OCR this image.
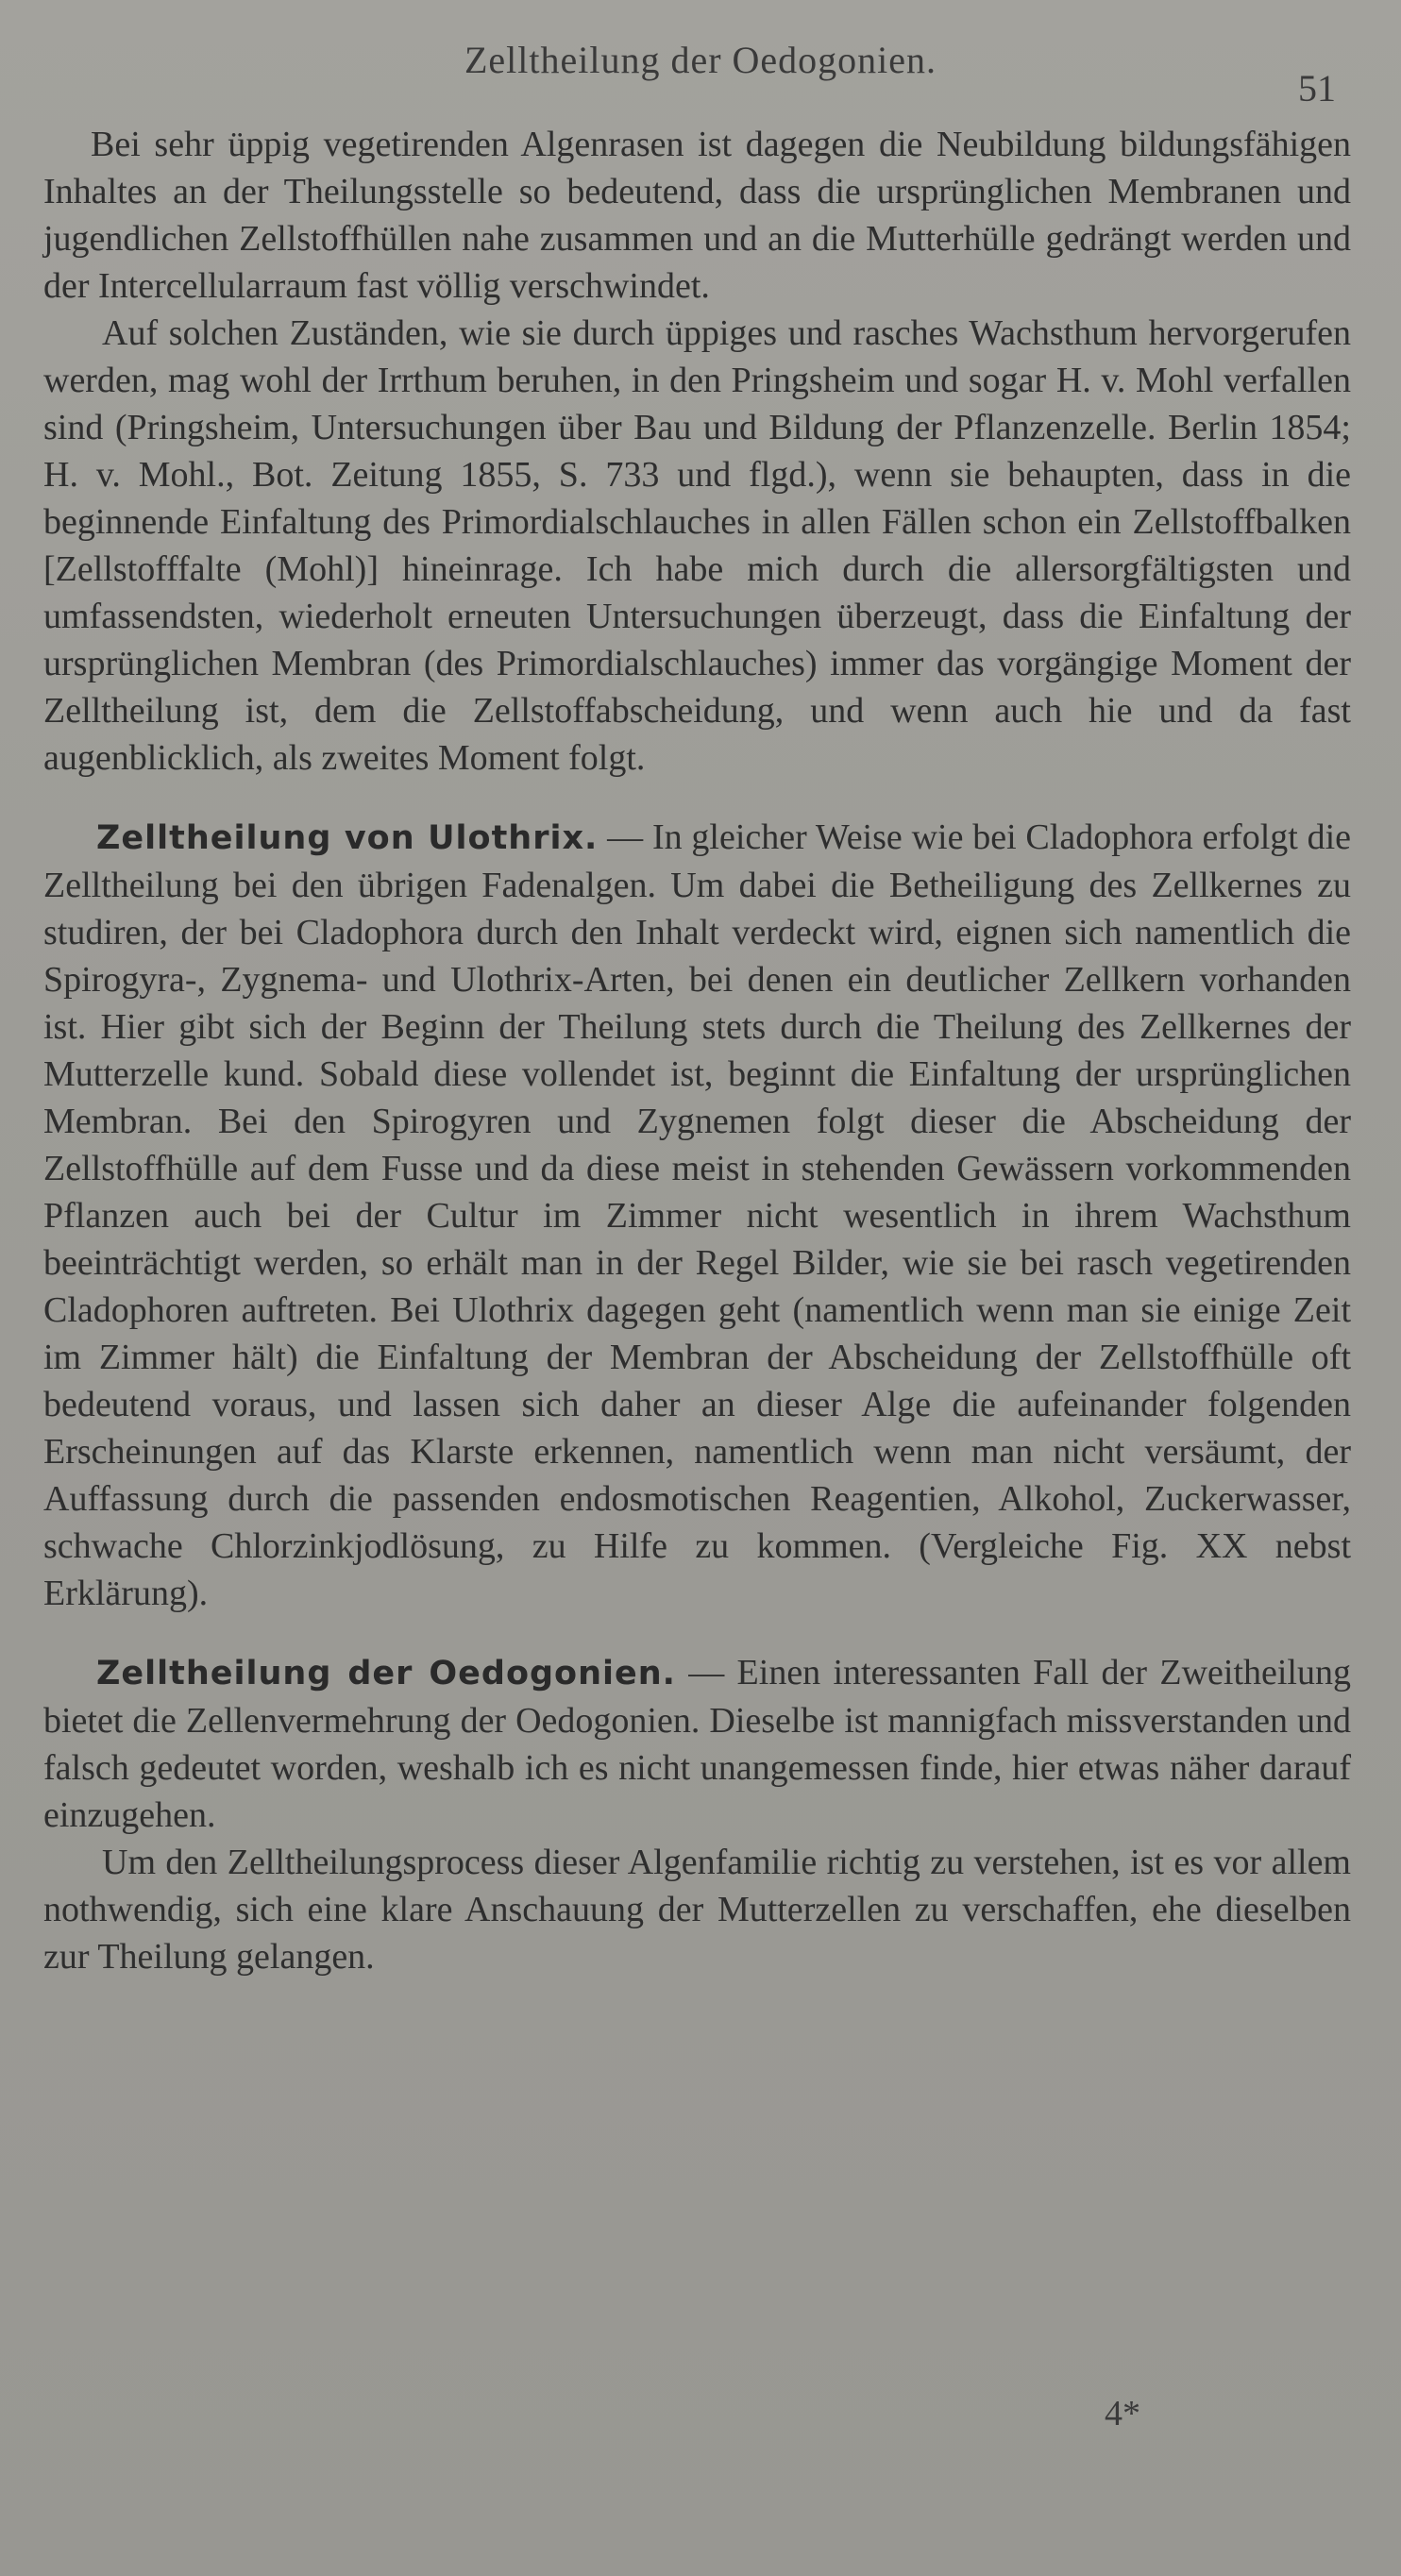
Zelltheilung der Oedogonien.
51

Bei sehr üppig vegetirenden Algenrasen ist dagegen die Neubildung bildungsfähigen Inhaltes an der Theilungsstelle so bedeutend, dass die ursprünglichen Membranen und jugendlichen Zellstoffhüllen nahe zusammen und an die Mutterhülle gedrängt werden und der Intercellularraum fast völlig verschwindet.

Auf solchen Zuständen, wie sie durch üppiges und rasches Wachsthum hervorgerufen werden, mag wohl der Irrthum beruhen, in den Pringsheim und sogar H. v. Mohl verfallen sind (Pringsheim, Untersuchungen über Bau und Bildung der Pflanzenzelle. Berlin 1854; H. v. Mohl., Bot. Zeitung 1855, S. 733 und flgd.), wenn sie behaupten, dass in die beginnende Einfaltung des Primordialschlauches in allen Fällen schon ein Zellstoffbalken [Zellstofffalte (Mohl)] hineinrage. Ich habe mich durch die allersorgfältigsten und umfassendsten, wiederholt erneuten Untersuchungen überzeugt, dass die Einfaltung der ursprünglichen Membran (des Primordialschlauches) immer das vorgängige Moment der Zelltheilung ist, dem die Zellstoffabscheidung, und wenn auch hie und da fast augenblicklich, als zweites Moment folgt.

Zelltheilung von Ulothrix. — In gleicher Weise wie bei Cladophora erfolgt die Zelltheilung bei den übrigen Fadenalgen. Um dabei die Betheiligung des Zellkernes zu studiren, der bei Cladophora durch den Inhalt verdeckt wird, eignen sich namentlich die Spirogyra-, Zygnema- und Ulothrix-Arten, bei denen ein deutlicher Zellkern vorhanden ist. Hier gibt sich der Beginn der Theilung stets durch die Theilung des Zellkernes der Mutterzelle kund. Sobald diese vollendet ist, beginnt die Einfaltung der ursprünglichen Membran. Bei den Spirogyren und Zygnemen folgt dieser die Abscheidung der Zellstoffhülle auf dem Fusse und da diese meist in stehenden Gewässern vorkommenden Pflanzen auch bei der Cultur im Zimmer nicht wesentlich in ihrem Wachsthum beeinträchtigt werden, so erhält man in der Regel Bilder, wie sie bei rasch vegetirenden Cladophoren auftreten. Bei Ulothrix dagegen geht (namentlich wenn man sie einige Zeit im Zimmer hält) die Einfaltung der Membran der Abscheidung der Zellstoffhülle oft bedeutend voraus, und lassen sich daher an dieser Alge die aufeinander folgenden Erscheinungen auf das Klarste erkennen, namentlich wenn man nicht versäumt, der Auffassung durch die passenden endosmotischen Reagentien, Alkohol, Zuckerwasser, schwache Chlorzinkjodlösung, zu Hilfe zu kommen. (Vergleiche Fig. XX nebst Erklärung).

Zelltheilung der Oedogonien. — Einen interessanten Fall der Zweitheilung bietet die Zellenvermehrung der Oedogonien. Dieselbe ist mannigfach missverstanden und falsch gedeutet worden, weshalb ich es nicht unangemessen finde, hier etwas näher darauf einzugehen.

Um den Zelltheilungsprocess dieser Algenfamilie richtig zu verstehen, ist es vor allem nothwendig, sich eine klare Anschauung der Mutterzellen zu verschaffen, ehe dieselben zur Theilung gelangen.

4*
